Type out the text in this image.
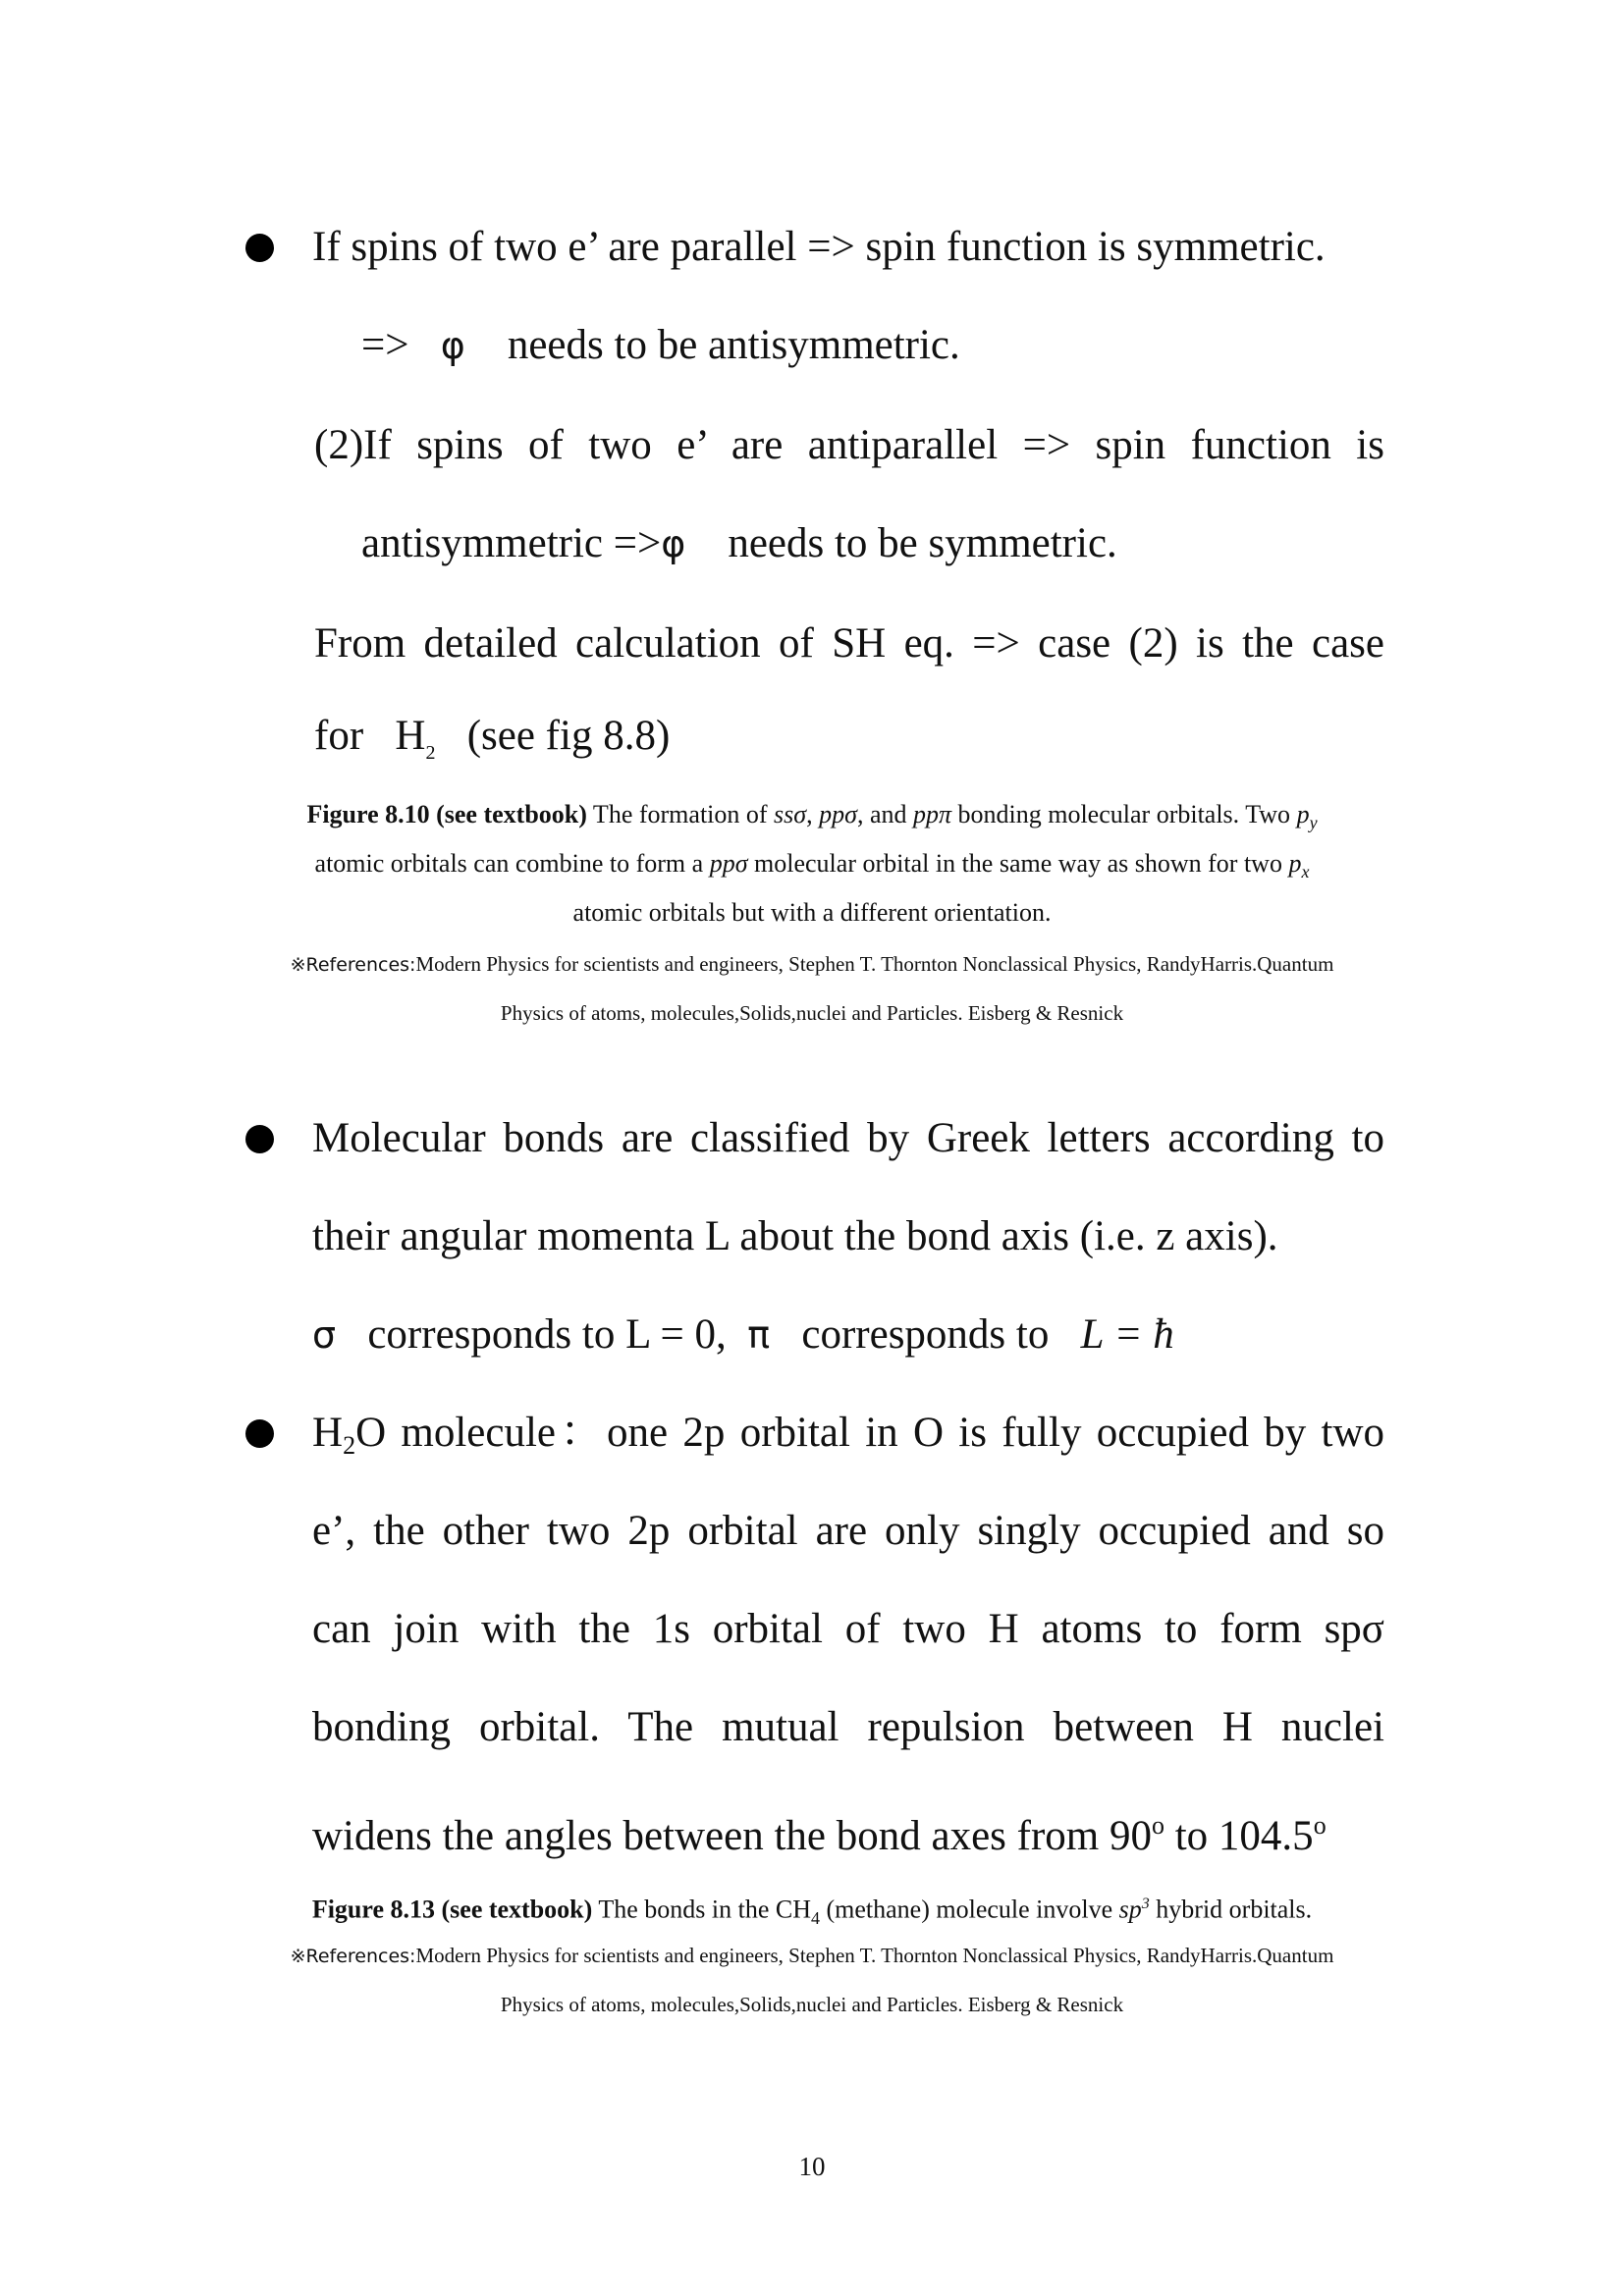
If spins of two e’ are parallel => spin function is symmetric.
=> φ needs to be antisymmetric.
(2)If spins of two e’ are antiparallel => spin function is
antisymmetric =>φ needs to be symmetric.
From detailed calculation of SH eq. => case (2) is the case
for $H_2$ (see fig 8.8)
Figure 8.10 (see textbook) The formation of ssσ, ppσ, and ppπ bonding molecular orbitals. Two $p_y$
atomic orbitals can combine to form a ppσ molecular orbital in the same way as shown for two $p_x$
atomic orbitals but with a different orientation.
※References:Modern Physics for scientists and engineers, Stephen T. Thornton Nonclassical Physics, RandyHarris.Quantum
Physics of atoms, molecules,Solids,nuclei and Particles. Eisberg & Resnick
Molecular bonds are classified by Greek letters according to
their angular momenta L about the bond axis (i.e. z axis).
σ corresponds to L = 0, π corresponds to L = ħ
H2O molecule：one 2p orbital in O is fully occupied by two
e’, the other two 2p orbital are only singly occupied and so
can join with the 1s orbital of two H atoms to form spσ
bonding orbital. The mutual repulsion between H nuclei
widens the angles between the bond axes from 90$^o$ to 104.5$^o$
Figure 8.13 (see textbook) The bonds in the $CH_4$ (methane) molecule involve $sp^3$ hybrid orbitals.
※References:Modern Physics for scientists and engineers, Stephen T. Thornton Nonclassical Physics, RandyHarris.Quantum
Physics of atoms, molecules,Solids,nuclei and Particles. Eisberg & Resnick
10
